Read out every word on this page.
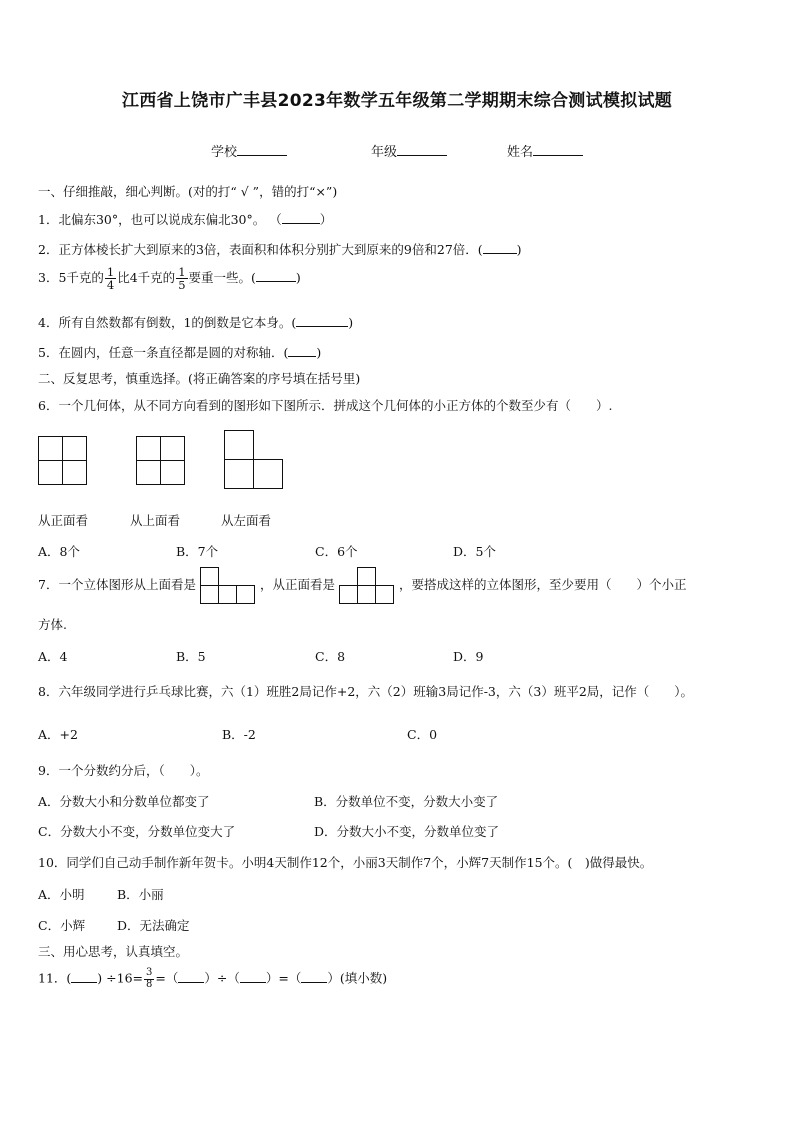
江西省上饶市广丰县2023年数学五年级第二学期期末综合测试模拟试题
学校	年级	姓名
一、仔细推敲，细心判断。(对的打“ √ ”，错的打“×”)
1．北偏东30°，也可以说成东偏北30°。 （	）
2．正方体棱长扩大到原来的3倍，表面积和体积分别扩大到原来的9倍和27倍．(	)
3．5千克的 $\frac{1}{4}$ 比4千克的 $\frac{1}{5}$ 要重一些。(	)
4．所有自然数都有倒数，1的倒数是它本身。(	)
5．在圆内，任意一条直径都是圆的对称轴．( )
二、反复思考，慎重选择。(将正确答案的序号填在括号里)
6．一个几何体，从不同方向看到的图形如下图所示．拼成这个几何体的小正方体的个数至少有（　　）.
从正面看	从上面看	从左面看
A．8个	B．7个	C．6个	D．5个
7．一个立体图形从上面看是	，从正面看是	，要搭成这样的立体图形，至少要用（　　）个小正
方体.
A．4	B．5	C．8	D．9
8．六年级同学进行乒乓球比赛，六（1）班胜2局记作+2，六（2）班输3局记作-3，六（3）班平2局，记作（　　）。
A．+2	B．-2	C．0
9．一个分数约分后，（　　）。
A．分数大小和分数单位都变了	B．分数单位不变，分数大小变了
C．分数大小不变，分数单位变大了	D．分数大小不变，分数单位变了
10．同学们自己动手制作新年贺卡。小明4天制作12个，小丽3天制作7个，小辉7天制作15个。(　)做得最快。
A．小明	B．小丽
C．小辉	D．无法确定
三、用心思考，认真填空。
11．( ) $\div 16= \frac{3}{8}$ =（ ）÷（ ）=（ ）(填小数)
